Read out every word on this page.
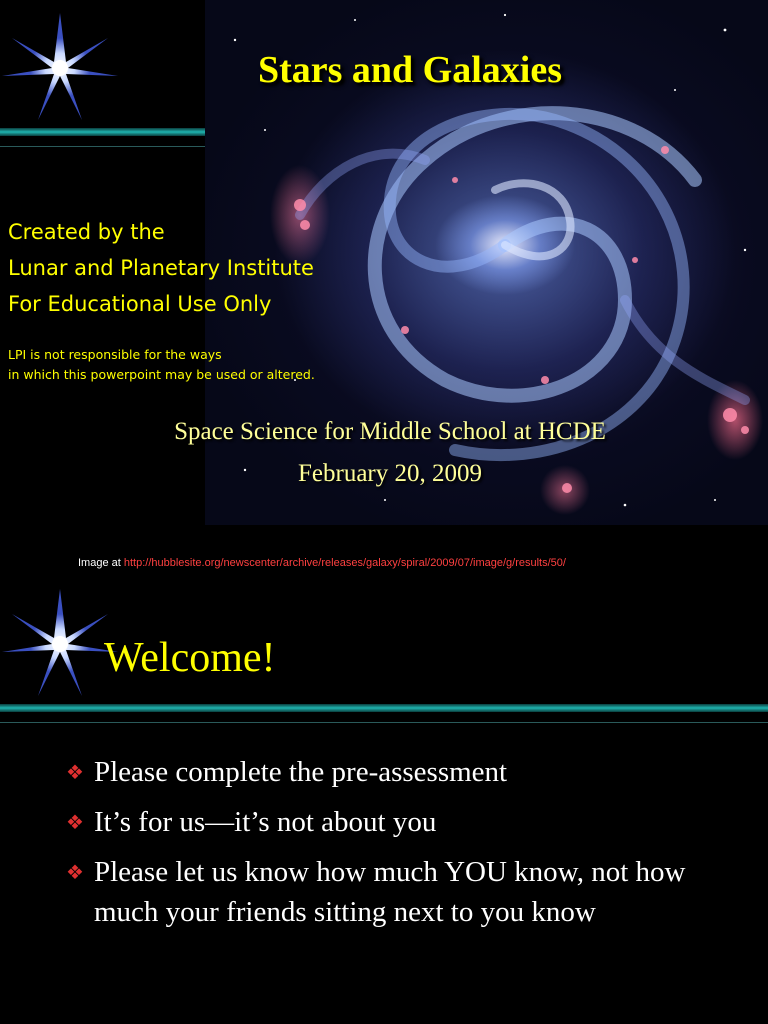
Stars and Galaxies
Created by the
Lunar and Planetary Institute
For Educational Use Only
LPI is not responsible for the ways
in which this powerpoint may be used or altered.
Space Science for Middle School at HCDE
February 20, 2009
Image at http://hubblesite.org/newscenter/archive/releases/galaxy/spiral/2009/07/image/g/results/50/
Welcome!
❖ Please complete the pre-assessment
❖ It’s for us—it’s not about you
❖ Please let us know how much YOU know, not how much your friends sitting next to you know
